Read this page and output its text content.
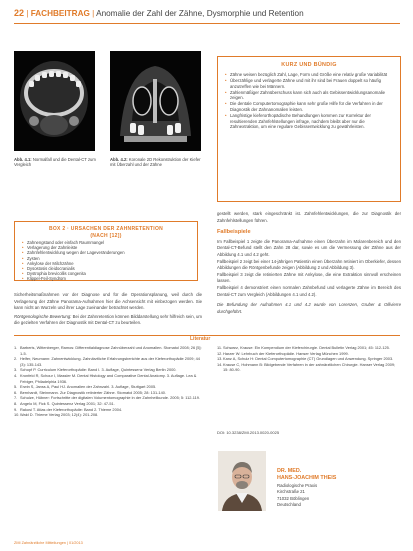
22 | FACHBEITRAG | Anomalie der Zahl der Zähne, Dysmorphie und Retention
Abb. 4.1: Normalfall und die Dental-CT zum Vergleich
Abb. 4.2: Koronale 2D Rekonstruktion der Kiefer mit Überzahl und der Zähne
KURZ UND BÜNDIG
• Zähne weisen bezüglich Zahl, Lage, Form und Größe eine relativ große Variabilität
• Überzählige und verlagerte Zähne und mit ihr sind bei Frauen doppelt so häufig anzutreffen wie bei Männern.
• Zahlenmäßiger Zahnüberschuss kann sich auch als Gebissentwicklungsanomalie zeigen.
• Die dentale Computertomographie kann sehr große Hilfe für die Verfahren in der Diagnostik der Zahnanomalien leisten.
• Langfristige kieferorthopädische Behandlungen kommen zur Korrektur der resultierenden Zahnfehlstellungen infrage, nachdem bleibt aber nur die Zahnextraktion, um eine regulare Gebissentwicklung zu gewährleisten.

gestellt werden, stark eingeschränkt ist. Zahnfehlentwicklungen, die zur Diagnostik der Zahnfehlstellungen führen.

Fallbeispiele

Im Fallbeispiel 1 zeigte die Panorama-Aufnahme einen Überzahn im Molarenbereich und den Dental-CT-Befund stellt den Zahn 28 dar, sowie es um die Vermessung der Zähne aus der Abbildung 4.1 und 4.2 geht.

Fallbeispiel 2 zeigt bei einer 14-jährigen Patientin einen Überzahn retiniert im Oberkiefer, dessen Abbildungen die Röntgenbefunde zeigen (Abbildung 2 und Abbildung 3).

Fallbeispiel 3 zeigt die retinierten Zähne mit Ankylose, die eine Extraktion sinnvoll erscheinen lassen.

Fallbeispiel 4 demonstriert einen normalen Zahnbefund und verlagerte Zähne im Bereich des Dental-CT zum Vergleich (Abbildungen 4.1 und 4.2).

Die Befundung der Aufnahmen 4.1 und 4.2 wurde von Lorenzen, Gruber & Ollivierre durchgeführt.

BOX 2 · URSACHEN DER ZAHNRETENTION
(NACH [12])
• Zahnengstand oder einfach Raummangel
• Verlagerung der Zahnleiste
• Zahnfehlentwicklung wegen der Lageveränderungen
• Zysten
• Ankylose der Milchzähne
• Dysostosis cleidocranialis
• Dystrophia brevicollis congenita
• Klippel-Feil-Syndrom

Sicherheitsmaßnahmen vor der Diagnose und für die Operationsplanung, weil durch die Verlagerung der Zähne Panorama-Aufnahmen hier die Achsensicht mit einbezogen werden. Sie kann nicht an Wurzeln und ihrer Lage zueinander betrachtet werden.

Röntgenologische Bewertung: Bei der Zahnretention können Bilddarstellung sehr hilfreich sein, um die gezielten Verfahren der Diagnostik mit Dental-CT zu beurteilen.

Literatur
1. Barberis, Wittenberger, Ramos: Differentialdiagnose Zahnüberzahl und Anomalien. Stomatol 2008; 26 [5]: 1-5.
2. Helfer, Neumann: Zahnentwicklung. Zahnärztliche Erfahrungsberichte aus der Kieferorthopädie 2009; 44 (3): 135-143.
3. Schopf P. Curriculum Kieferorthopädie: Band I. 3. Auflage, Quintessenz Verlag Berlin 2000.
4. Kronfeld R, Schour I, Massler M. Dental Histology and Comparative Dental Anatomy. 3. Auflage. Lea & Febiger, Philadelphia 1936.
5. Erwin S, Janss A, Paul HJ. Anomalien der Zahnzahl. 3. Auflage, Stuttgart 2005.
6. Bernhardt, Steinmann. Zur Diagnostik retinierter Zähne. Stomatol 2005; 28: 131-140.
7. Schulze, Hübner: Fortschritte der digitalen Volumentomographie in der Zahnheilkunde. 2005; 5: 112-119.
8. Angelo M, Fick S. Quintessenz Verlag 2001; 32: 47-51.
9. Rakosi T. Atlas der Kieferorthopädie: Band 2. Thieme 2004.
10. Wald D. Thieme Verlag 2003; 12(4): 201-208.
11. Schwarz, Krause: Ein Kompendium der Kieferchirurgie. Dental Bulletin Verlag 2001; 45: 112-125.
12. Harzer W: Lehrbuch der Kieferorthopädie. Hanser Verlag München 1999.
13. Kanz A, Schulz H: Dental Computertomographie (CT) Grundlagen und Anwendung. Springer 2003.
14. Krause C, Hohmann B: Bildgebende Verfahren in der zahnärztlichen Chirurgie. Hanser Verlag 2009; 15: 80-90.
DOI: 10.3238/ZMI.2013.0020-0025
DR. MED.
HANS-JOACHIM THEIS
Radiologische Praxis
Kirchstraße 21
71032 Böblingen
Deutschland
ZMI Zahnärztliche Mitteilungen | 01/2013
